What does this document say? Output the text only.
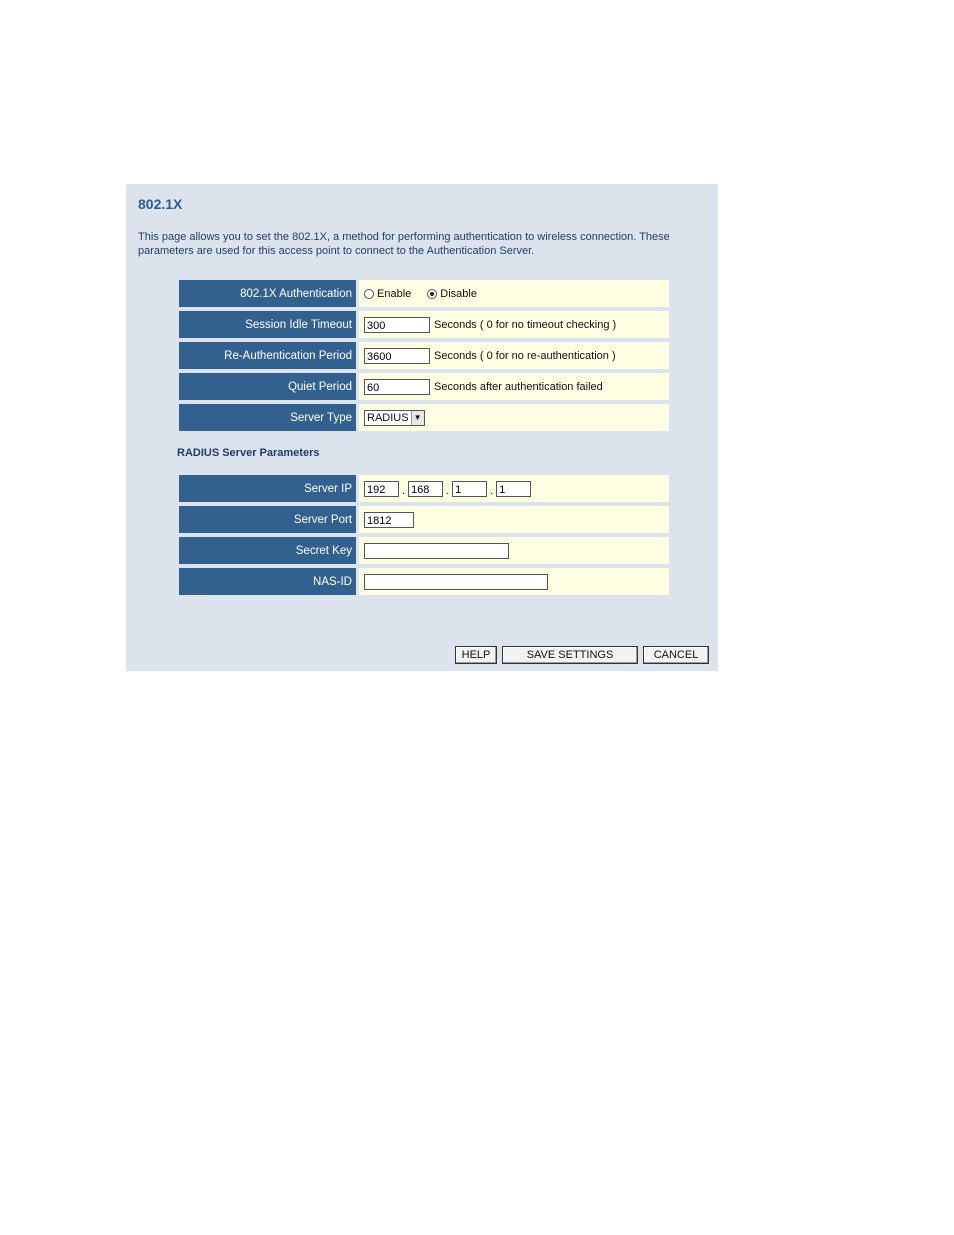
802.1X

This page allows you to set the 802.1X, a method for performing authentication to wireless connection. These parameters are used for this access point to connect to the Authentication Server.

802.1X Authentication	Enable	Disable
Session Idle Timeout	300	Seconds ( 0 for no timeout checking )
Re-Authentication Period	3600	Seconds ( 0 for no re-authentication )
Quiet Period	60	Seconds after authentication failed
Server Type	RADIUS ▼
RADIUS Server Parameters
Server IP	192	. 168	. 1	. 1
Server Port	1812
Secret Key
NAS-ID
HELP	SAVE SETTINGS	CANCEL
